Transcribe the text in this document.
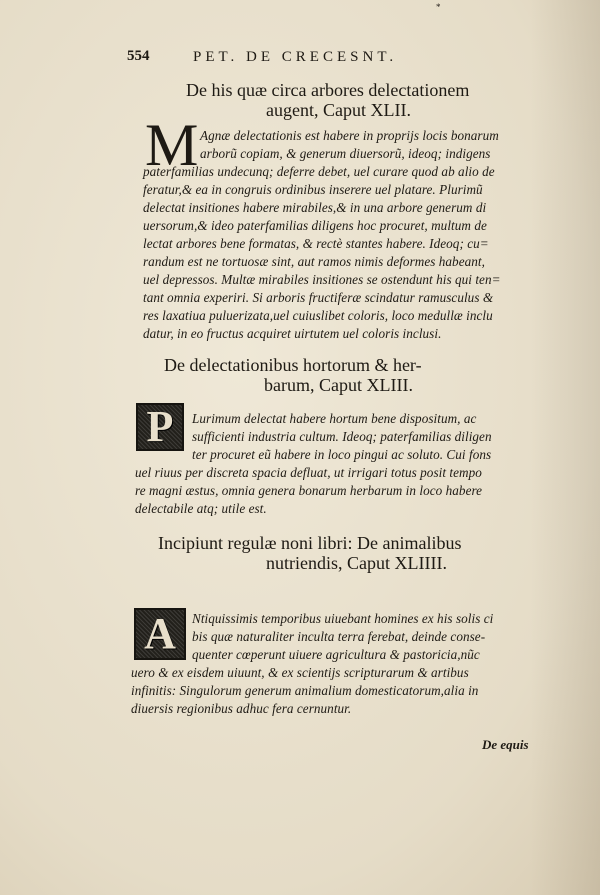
*
554	PET. DE CRECESNT.
De his quæ circa arbores delectationem
augent, Caput XLII.
M Agnæ delectationis est habere in proprijs locis bonarum
arborũ copiam, & generum diuersorũ, ideoq; indigens
paterfamilias undecunq; deferre debet, uel curare quod ab alio de
feratur,& ea in congruis ordinibus inserere uel platare. Plurimũ
delectat insitiones habere mirabiles,& in una arbore generum di
uersorum,& ideo paterfamilias diligens hoc procuret, multum de
lectat arbores bene formatas, & rectè stantes habere. Ideoq; cu=
randum est ne tortuosæ sint, aut ramos nimis deformes habeant,
uel depressos. Multæ mirabiles insitiones se ostendunt his qui ten=
tant omnia experiri. Si arboris fructiferæ scindatur ramusculus &
res laxatiua puluerizata,uel cuiuslibet coloris, loco medullæ inclu
datur, in eo fructus acquiret uirtutem uel coloris inclusi.
De delectationibus hortorum & her-
barum, Caput XLIII.
P Lurimum delectat habere hortum bene dispositum, ac
sufficienti industria cultum. Ideoq; paterfamilias diligen
ter procuret eũ habere in loco pingui ac soluto. Cui fons
uel riuus per discreta spacia defluat, ut irrigari totus posit tempo
re magni æstus, omnia genera bonarum herbarum in loco habere
delectabile atq; utile est.
Incipiunt regulæ noni libri: De animalibus
nutriendis, Caput XLIIII.
A Ntiquissimis temporibus uiuebant homines ex his solis ci
bis quæ naturaliter inculta terra ferebat, deinde conse-
quenter cœperunt uiuere agricultura & pastoricia,nũc
uero & ex eisdem uiuunt, & ex scientijs scripturarum & artibus
infinitis: Singulorum generum animalium domesticatorum,alia in
diuersis regionibus adhuc fera cernuntur.
De equis
